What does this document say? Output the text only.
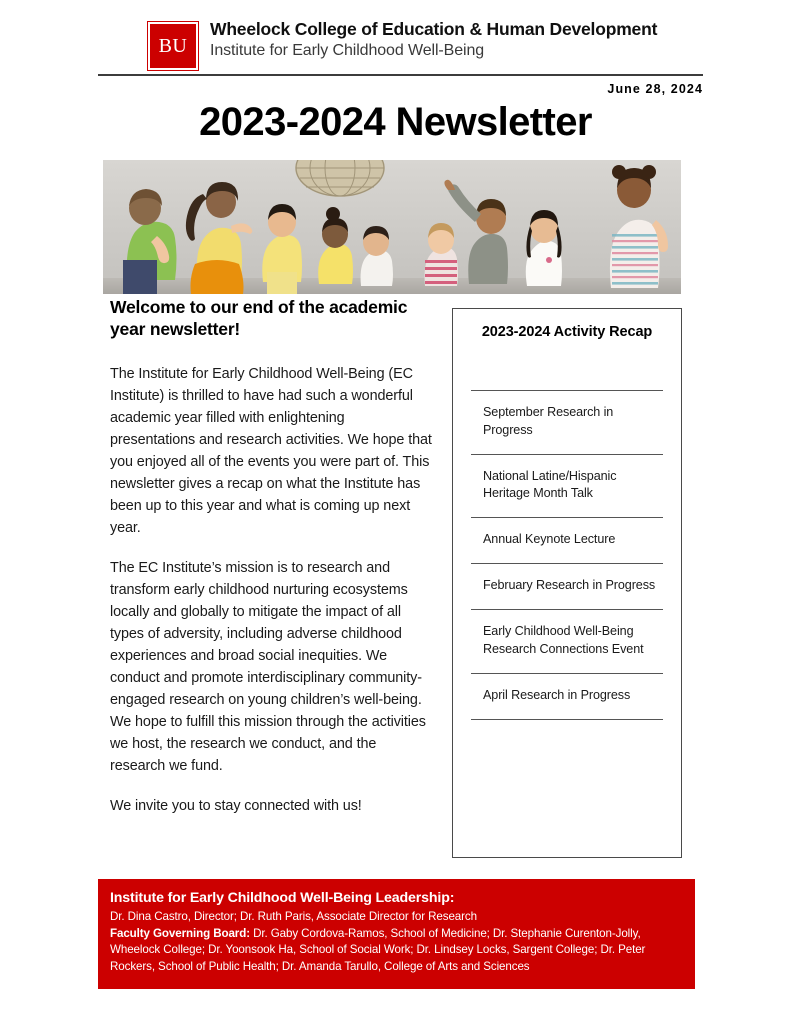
BU
Wheelock College of Education & Human Development
Institute for Early Childhood Well-Being
June 28, 2024
2023-2024 Newsletter
Welcome to our end of the academic year newsletter!

The Institute for Early Childhood Well-Being (EC Institute) is thrilled to have had such a wonderful academic year filled with enlightening presentations and research activities. We hope that you enjoyed all of the events you were part of. This newsletter gives a recap on what the Institute has been up to this year and what is coming up next year.

The EC Institute’s mission is to research and transform early childhood nurturing ecosystems locally and globally to mitigate the impact of all types of adversity, including adverse childhood experiences and broad social inequities. We conduct and promote interdisciplinary community-engaged research on young children’s well-being. We hope to fulfill this mission through the activities we host, the research we conduct, and the research we fund.

We invite you to stay connected with us!

2023-2024 Activity Recap
September Research in Progress
National Latine/Hispanic Heritage Month Talk
Annual Keynote Lecture
February Research in Progress
Early Childhood Well-Being Research Connections Event
April Research in Progress
Institute for Early Childhood Well-Being Leadership:

Dr. Dina Castro, Director; Dr. Ruth Paris, Associate Director for Research

Faculty Governing Board: Dr. Gaby Cordova-Ramos, School of Medicine; Dr. Stephanie Curenton-Jolly, Wheelock College; Dr. Yoonsook Ha, School of Social Work; Dr. Lindsey Locks, Sargent College; Dr. Peter Rockers, School of Public Health; Dr. Amanda Tarullo, College of Arts and Sciences
